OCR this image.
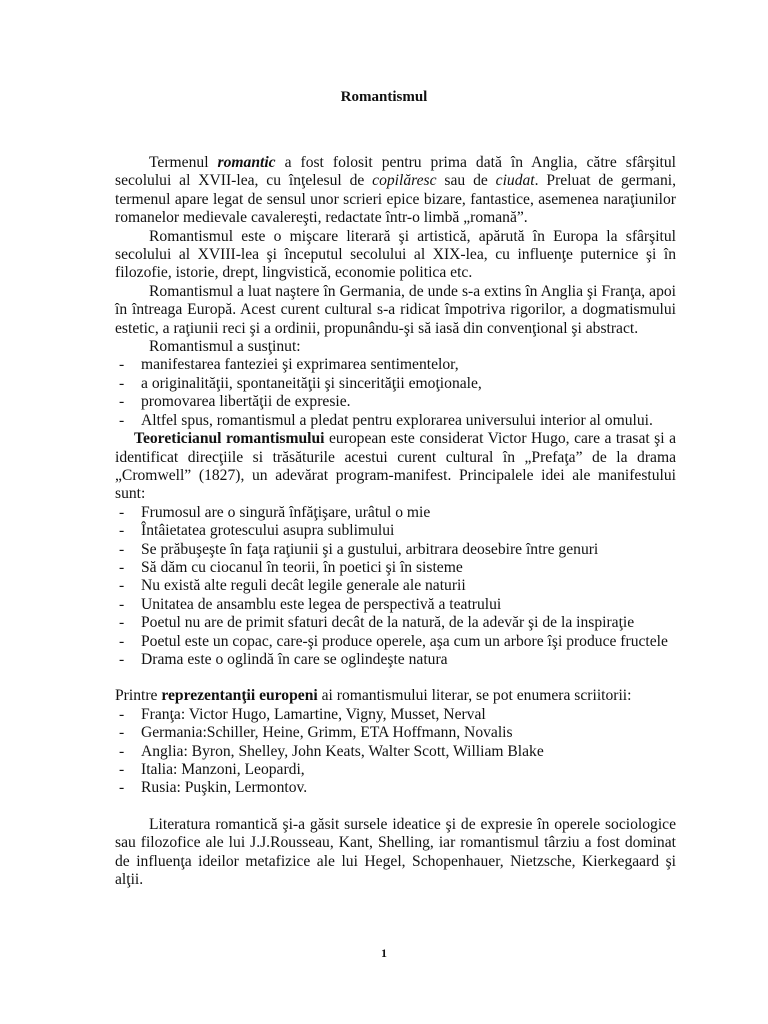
Romantismul

Termenul romantic a fost folosit pentru prima dată în Anglia, către sfârşitul secolului al XVII-lea, cu înţelesul de copilăresc sau de ciudat. Preluat de germani, termenul apare legat de sensul unor scrieri epice bizare, fantastice, asemenea naraţiunilor romanelor medievale cavalereşti, redactate într-o limbă „romană”.

Romantismul este o mişcare literară şi artistică, apărută în Europa la sfârşitul secolului al XVIII-lea şi începutul secolului al XIX-lea, cu influenţe puternice şi în filozofie, istorie, drept, lingvistică, economie politica etc.

Romantismul a luat naştere în Germania, de unde s-a extins în Anglia şi Franţa, apoi în întreaga Europă. Acest curent cultural s-a ridicat împotriva rigorilor, a dogmatismului estetic, a raţiunii reci şi a ordinii, propunându-şi să iasă din convenţional şi abstract.

Romantismul a susţinut:

- manifestarea fanteziei şi exprimarea sentimentelor,
- a originalităţii, spontaneităţii şi sincerităţii emoţionale,
- promovarea libertăţii de expresie.
- Altfel spus, romantismul a pledat pentru explorarea universului interior al omului.

Teoreticianul romantismului european este considerat Victor Hugo, care a trasat şi a identificat direcţiile si trăsăturile acestui curent cultural în „Prefaţa” de la drama „Cromwell” (1827), un adevărat program-manifest. Principalele idei ale manifestului sunt:

- Frumosul are o singură înfăţişare, urâtul o mie
- Întâietatea grotescului asupra sublimului
- Se prăbuşeşte în faţa raţiunii şi a gustului, arbitrara deosebire între genuri
- Să dăm cu ciocanul în teorii, în poetici şi în sisteme
- Nu există alte reguli decât legile generale ale naturii
- Unitatea de ansamblu este legea de perspectivă a teatrului
- Poetul nu are de primit sfaturi decât de la natură, de la adevăr şi de la inspiraţie
- Poetul este un copac, care-şi produce operele, aşa cum un arbore îşi produce fructele
- Drama este o oglindă în care se oglindeşte natura

Printre reprezentanţii europeni ai romantismului literar, se pot enumera scriitorii:

- Franţa: Victor Hugo, Lamartine, Vigny, Musset, Nerval
- Germania:Schiller, Heine, Grimm, ETA Hoffmann, Novalis
- Anglia: Byron, Shelley, John Keats, Walter Scott, William Blake
- Italia: Manzoni, Leopardi,
- Rusia: Puşkin, Lermontov.

Literatura romantică şi-a găsit sursele ideatice şi de expresie în operele sociologice sau filozofice ale lui J.J.Rousseau, Kant, Shelling, iar romantismul târziu a fost dominat de influenţa ideilor metafizice ale lui Hegel, Schopenhauer, Nietzsche, Kierkegaard şi alţii.

1
